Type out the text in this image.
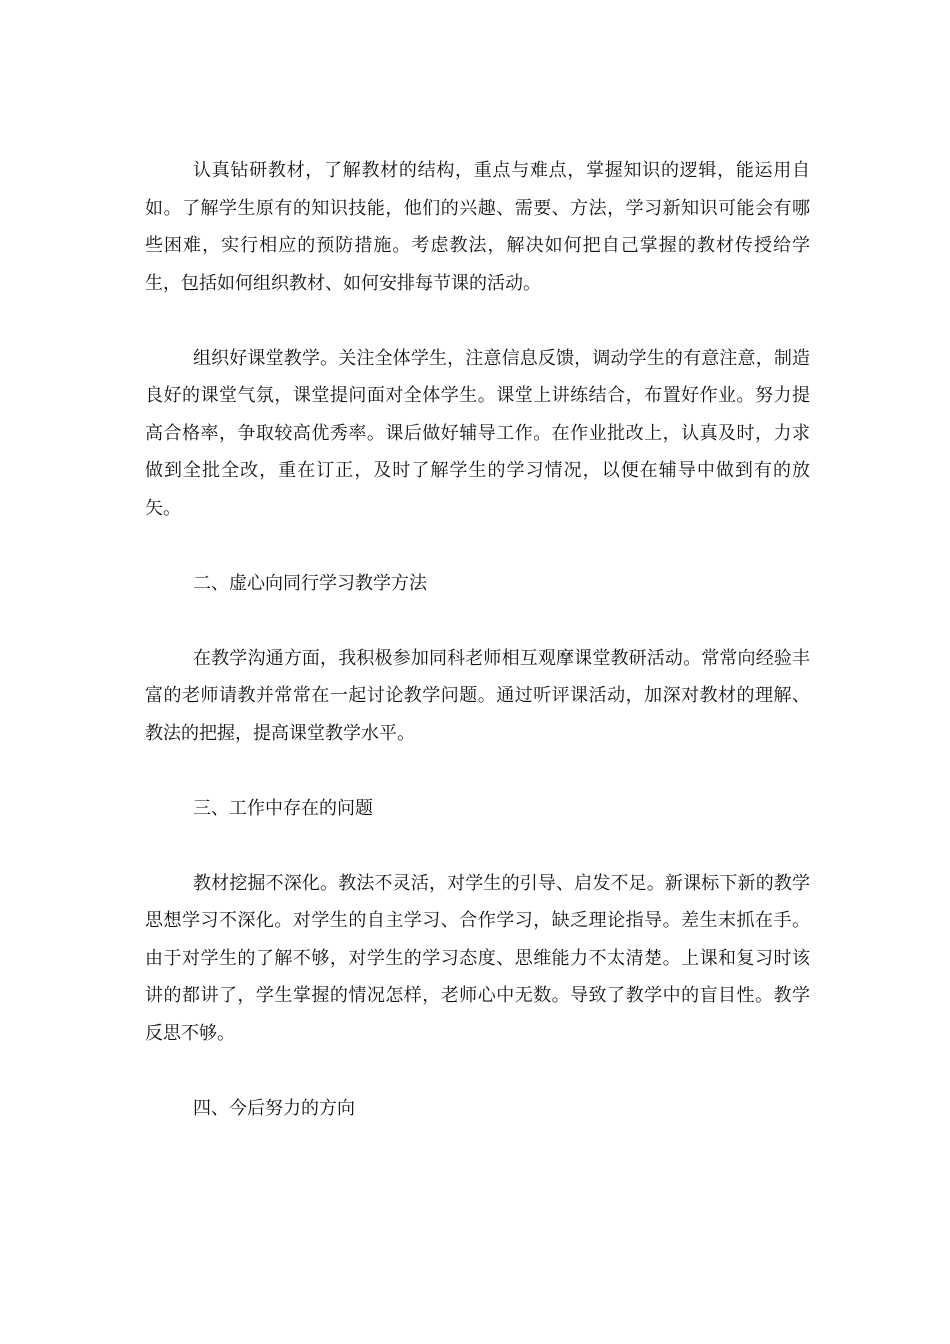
认真钻研教材，了解教材的结构，重点与难点，掌握知识的逻辑，能运用自如。了解学生原有的知识技能，他们的兴趣、需要、方法，学习新知识可能会有哪些困难，实行相应的预防措施。考虑教法，解决如何把自己掌握的教材传授给学生，包括如何组织教材、如何安排每节课的活动。

组织好课堂教学。关注全体学生，注意信息反馈，调动学生的有意注意，制造良好的课堂气氛，课堂提问面对全体学生。课堂上讲练结合，布置好作业。努力提高合格率，争取较高优秀率。课后做好辅导工作。在作业批改上，认真及时，力求做到全批全改，重在订正，及时了解学生的学习情况，以便在辅导中做到有的放矢。

二、虚心向同行学习教学方法

在教学沟通方面，我积极参加同科老师相互观摩课堂教研活动。常常向经验丰富的老师请教并常常在一起讨论教学问题。通过听评课活动，加深对教材的理解、教法的把握，提高课堂教学水平。

三、工作中存在的问题

教材挖掘不深化。教法不灵活，对学生的引导、启发不足。新课标下新的教学思想学习不深化。对学生的自主学习、合作学习，缺乏理论指导。差生末抓在手。由于对学生的了解不够，对学生的学习态度、思维能力不太清楚。上课和复习时该讲的都讲了，学生掌握的情况怎样，老师心中无数。导致了教学中的盲目性。教学反思不够。

四、今后努力的方向
